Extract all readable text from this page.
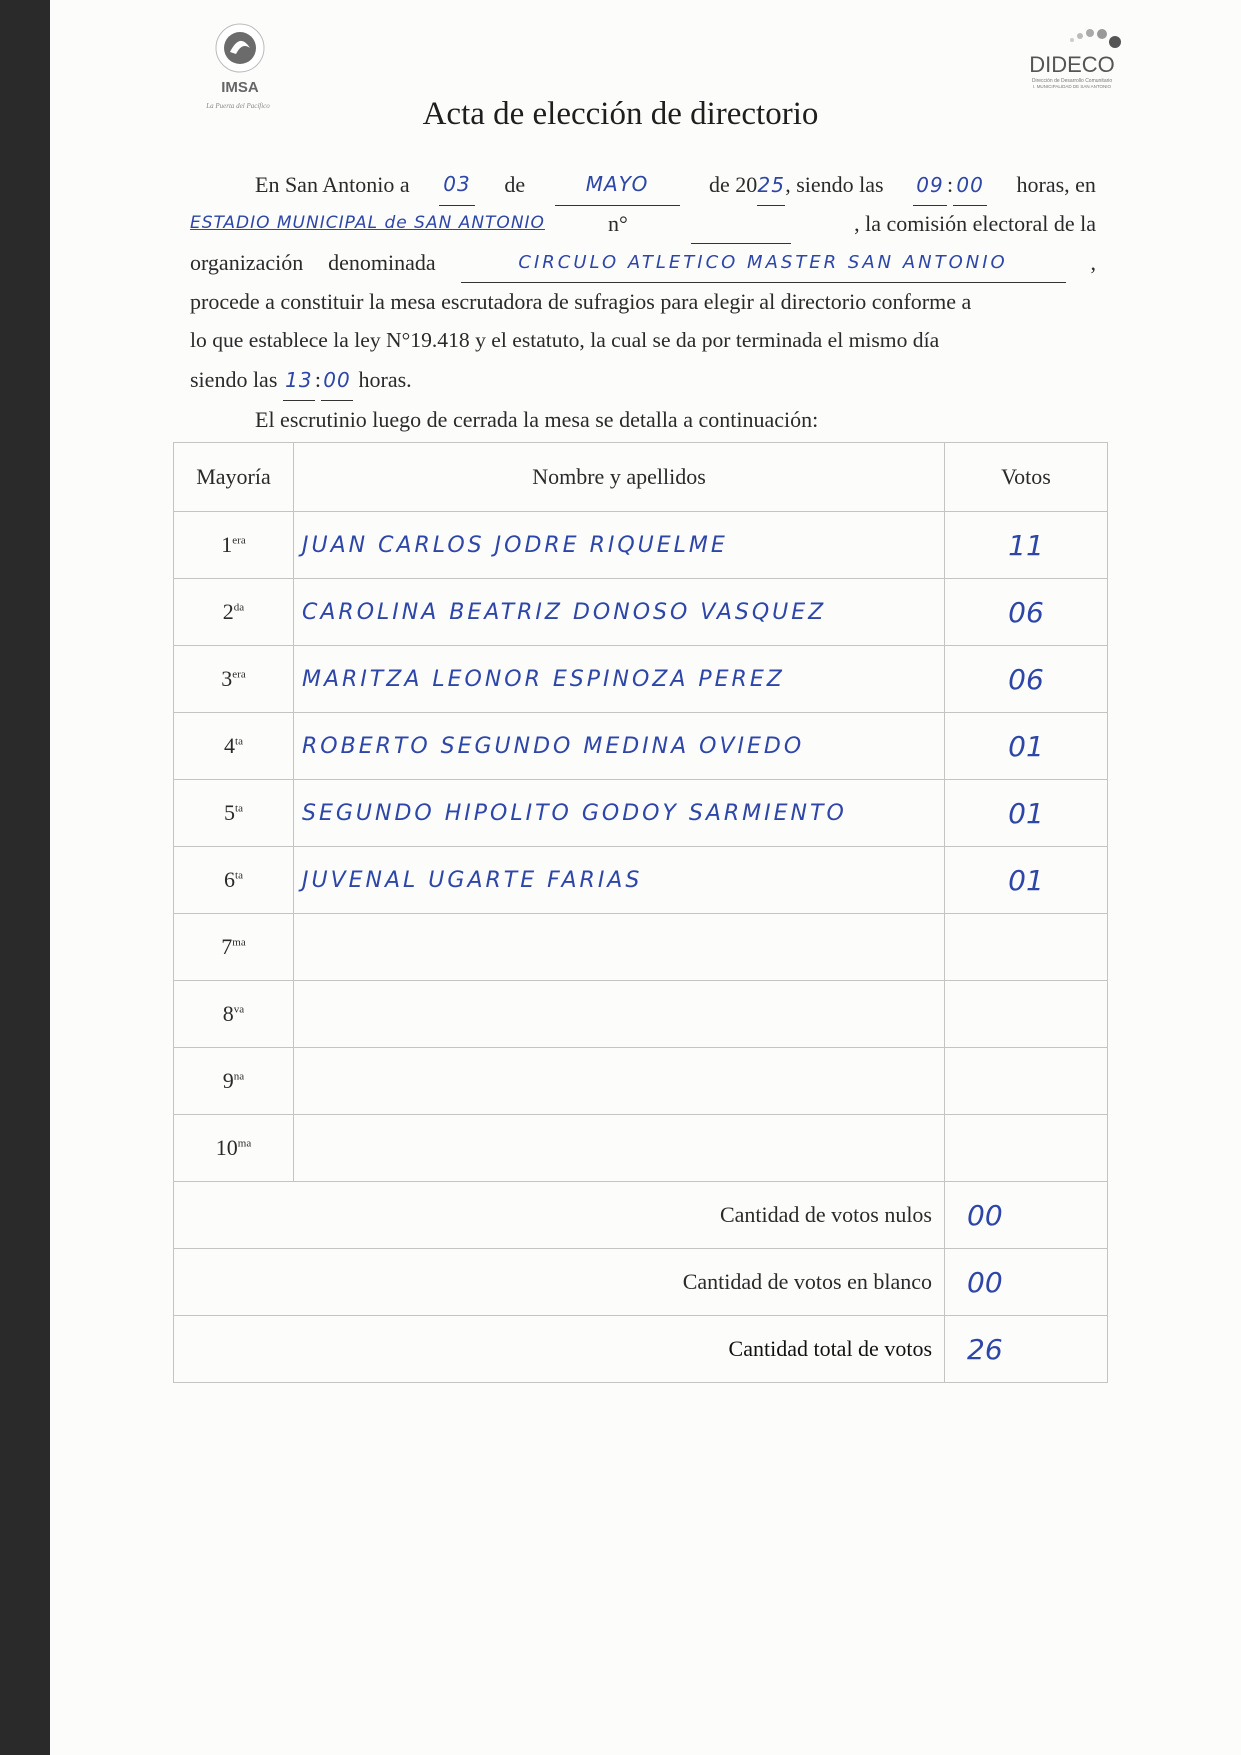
IMSA
La Puerta del Pacífico
DIDECO
Dirección de Desarrollo Comunitario
I. MUNICIPALIDAD DE SAN ANTONIO
Acta de elección de directorio
En San Antonio a 03 de	MAYO	de 2025, siendo las 09 : 00 horas, en
ESTADIO MUNICIPAL de SAN ANTONIO	n°
	, la comisión electoral de la
organización denominada	CIRCULO ATLETICO MASTER SAN ANTONIO	,
procede a constituir la mesa escrutadora de sufragios para elegir al directorio conforme a
lo que establece la ley N°19.418 y el estatuto, la cual se da por terminada el mismo día
siendo las 13 : 00 horas.
El escrutinio luego de cerrada la mesa se detalla a continuación:
Mayoría	Nombre y apellidos	Votos
$1^{era}$	JUAN CARLOS JODRE RIQUELME	11
$2^{da}$	CAROLINA BEATRIZ DONOSO VASQUEZ	06
$3^{era}$	MARITZA LEONOR ESPINOZA PEREZ	06
$4^{ta}$	ROBERTO SEGUNDO MEDINA OVIEDO	01
$5^{ta}$	SEGUNDO HIPOLITO GODOY SARMIENTO	01
$6^{ta}$	JUVENAL UGARTE FARIAS	01
$7^{ma}$		
$8^{va}$		
$9^{na}$		
$10^{ma}$		
Cantidad de votos nulos		00
Cantidad de votos en blanco		00
Cantidad total de votos		26
